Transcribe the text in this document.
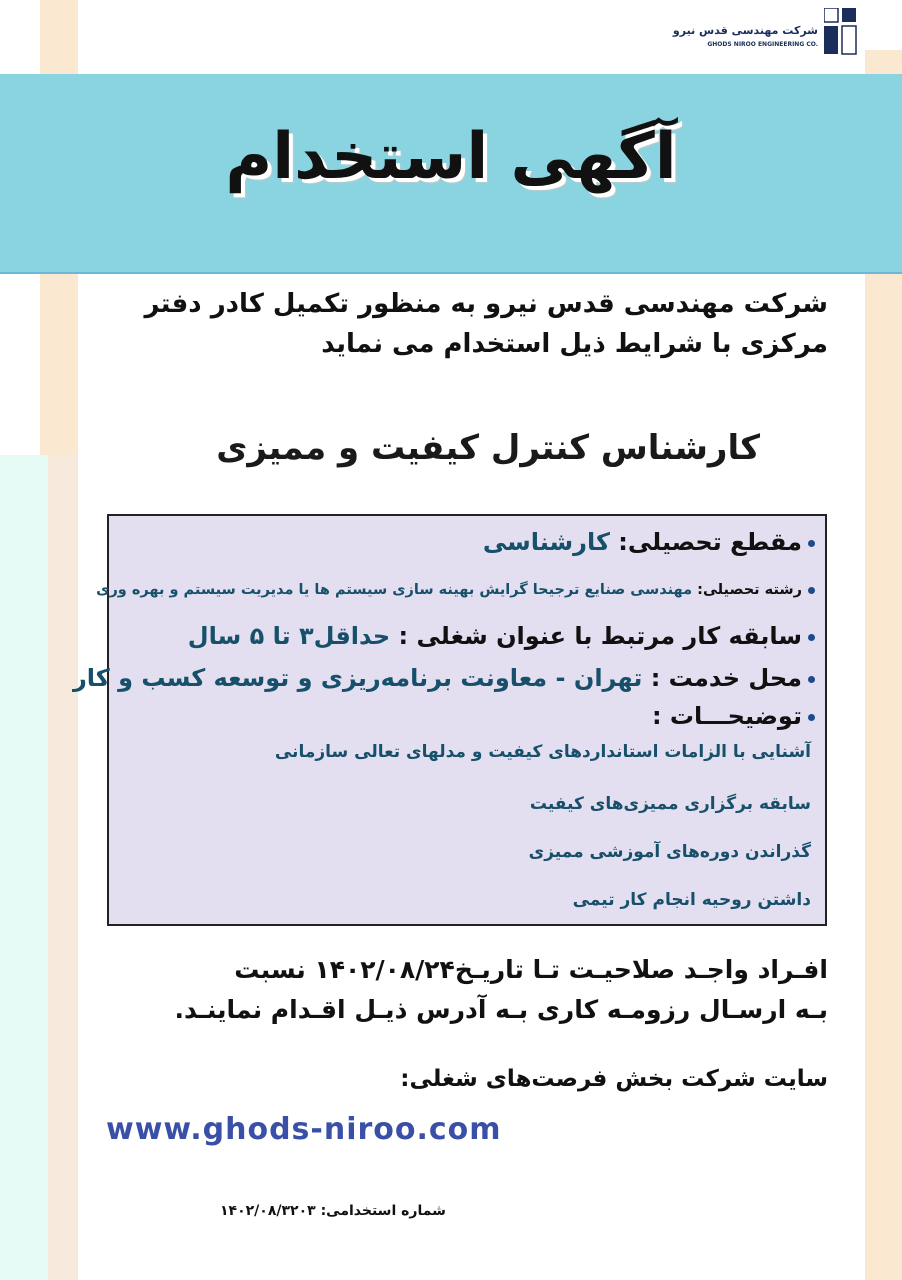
شرکت مهندسی قدس نیرو
GHODS NIROO ENGINEERING CO.
آگهی استخدام

شرکت مهندسی قدس نیرو به منظور تکمیل کادر دفتر

مرکزی با شرایط ذیل استخدام می نماید

کارشناس کنترل کیفیت و ممیزی
مقطع تحصیلی: کارشناسی
رشته تحصیلی: مهندسی صنایع ترجیحا گرایش بهینه سازی سیستم ها یا مدیریت سیستم و بهره وری
سابقه کار مرتبط با عنوان شغلی : حداقل۳ تا ۵ سال
محل خدمت : تهران - معاونت برنامه‌ریزی و توسعه کسب و کار
توضیحـــات :
آشنایی با الزامات استانداردهای کیفیت و مدلهای تعالی سازمانی
سابقه برگزاری ممیزی‌های کیفیت
گذراندن دوره‌های آموزشی ممیزی
داشتن روحیه انجام کار تیمی

افـراد واجـد صلاحیـت تـا تاریـخ۱۴۰۲/۰۸/۲۴ نسبت

بـه ارسـال رزومـه کاری بـه آدرس ذیـل اقـدام نماینـد.

سایت شرکت بخش فرصت‌های شغلی:
www.ghods-niroo.com
شماره استخدامی: ۱۴۰۲/۰۸/۳۲۰۳
